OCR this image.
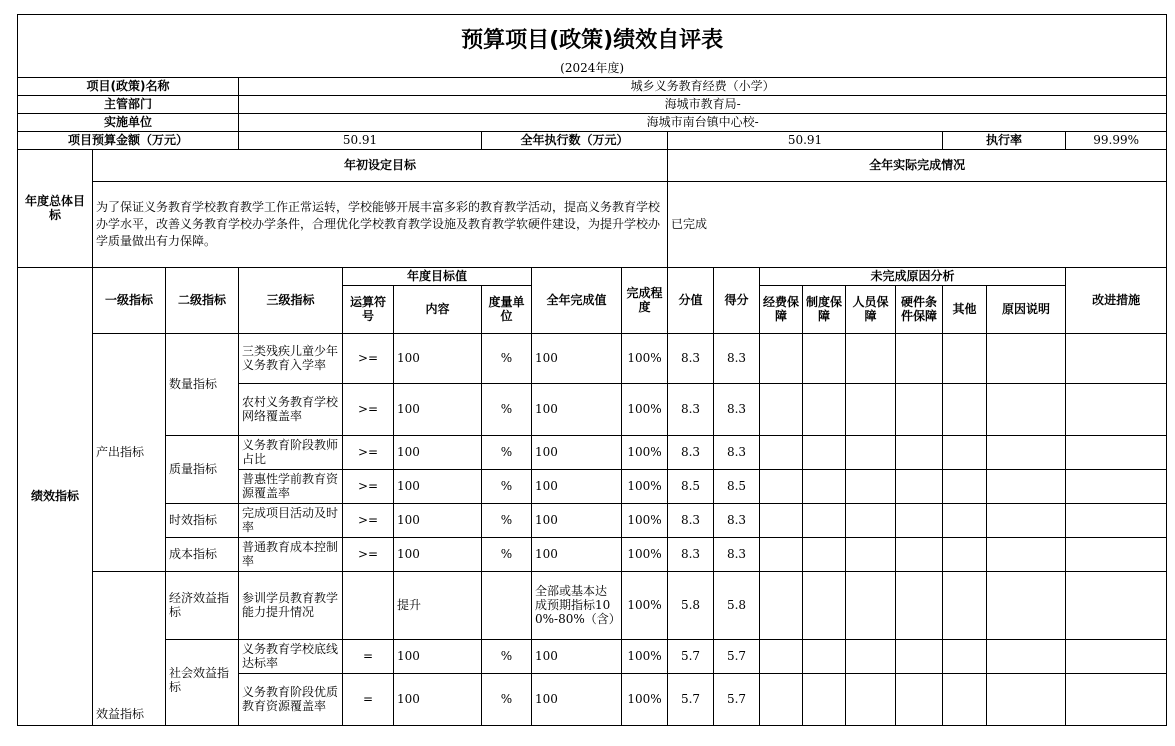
预算项目(政策)绩效自评表																	
(2024年度)																	
项目(政策)名称			城乡义务教育经费（小学）														
主管部门			海城市教育局-														
实施单位			海城市南台镇中心校-														
项目预算金额（万元）			50.91			全年执行数（万元）			50.91						执行率		99.99%
年度总体目标	年初设定目标								全年实际完成情况								
	为了保证义务教育学校教育教学工作正常运转，学校能够开展丰富多彩的教育教学活动，提高义务教育学校办学水平，改善义务教育学校办学条件，合理优化学校教育教学设施及教育教学软硬件建设，为提升学校办学质量做出有力保障。								已完成								
绩效指标	一级指标	二级指标	三级指标	年度目标值			全年完成值	完成程度	分值	得分	未完成原因分析						改进措施
				运算符号	内容	度量单位					经费保障	制度保障	人员保障	硬件条件保障	其他	原因说明	
	产出指标	数量指标	三类残疾儿童少年义务教育入学率	>=	100	%	100	100%	8.3	8.3							
			农村义务教育学校网络覆盖率	>=	100	%	100	100%	8.3	8.3							
		质量指标	义务教育阶段教师占比	>=	100	%	100	100%	8.3	8.3							
			普惠性学前教育资源覆盖率	>=	100	%	100	100%	8.5	8.5							
		时效指标	完成项目活动及时率	>=	100	%	100	100%	8.3	8.3							
		成本指标	普通教育成本控制率	>=	100	%	100	100%	8.3	8.3							
	效益指标	经济效益指标	参训学员教育教学能力提升情况		提升		全部或基本达成预期指标100%-80%（含）	100%	5.8	5.8							
		社会效益指标	义务教育学校底线达标率	=	100	%	100	100%	5.7	5.7							
			义务教育阶段优质教育资源覆盖率	=	100	%	100	100%	5.7	5.7							
